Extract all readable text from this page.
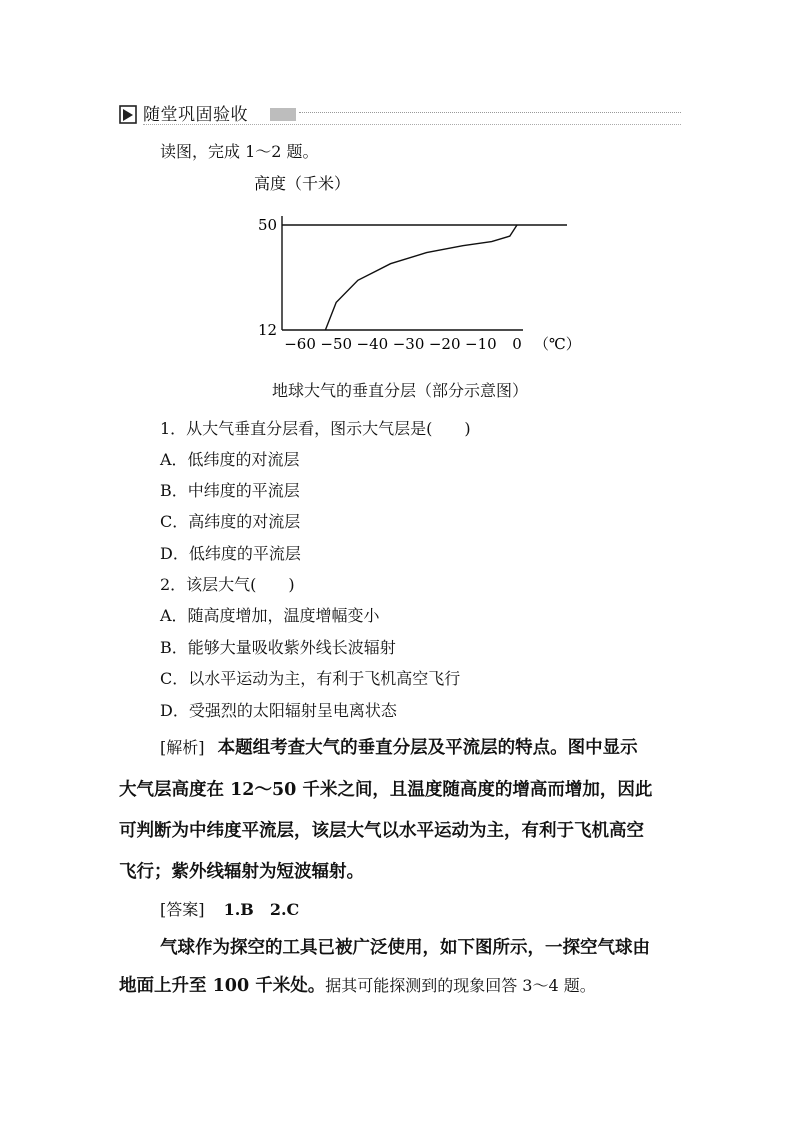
随堂巩固验收
读图，完成 1～2 题。
高度（千米）
50
12
−60 −50 −40 −30 −20 −10 0 （℃）
地球大气的垂直分层（部分示意图）
1．从大气垂直分层看，图示大气层是(　　)
A．低纬度的对流层
B．中纬度的平流层
C．高纬度的对流层
D．低纬度的平流层
2．该层大气(　　)
A．随高度增加，温度增幅变小
B．能够大量吸收紫外线长波辐射
C．以水平运动为主，有利于飞机高空飞行
D．受强烈的太阳辐射呈电离状态
[解析] 本题组考查大气的垂直分层及平流层的特点。图中显示
大气层高度在 12～50 千米之间，且温度随高度的增高而增加，因此
可判断为中纬度平流层，该层大气以水平运动为主，有利于飞机高空
飞行；紫外线辐射为短波辐射。
[答案] 1.B　2.C
气球作为探空的工具已被广泛使用，如下图所示，一探空气球由
地面上升至 100 千米处。据其可能探测到的现象回答 3～4 题。
